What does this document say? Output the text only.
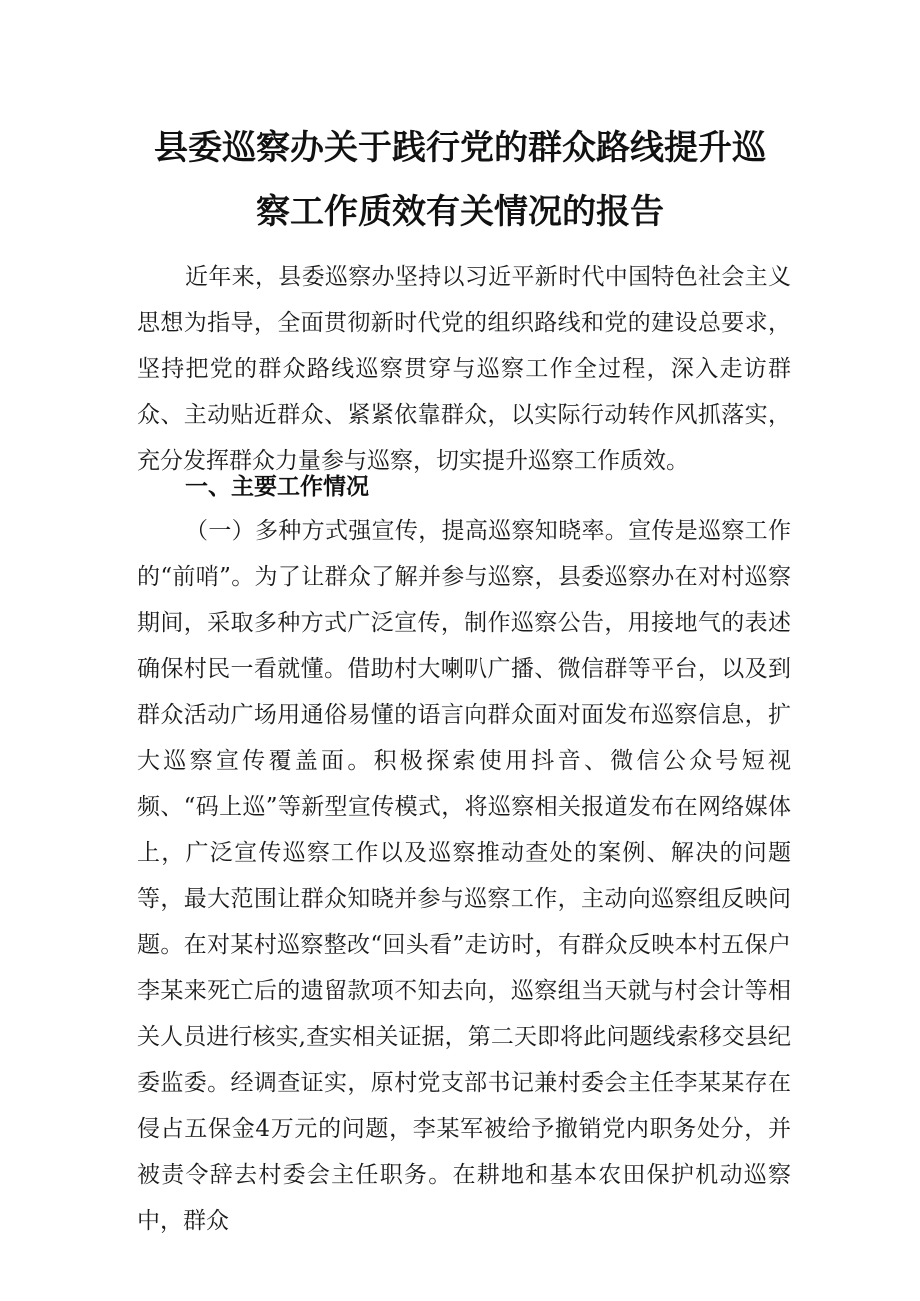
县委巡察办关于践行党的群众路线提升巡
察工作质效有关情况的报告
近年来，县委巡察办坚持以习近平新时代中国特色社会主义思想为指导，全面贯彻新时代党的组织路线和党的建设总要求，坚持把党的群众路线巡察贯穿与巡察工作全过程，深入走访群众、主动贴近群众、紧紧依靠群众，以实际行动转作风抓落实，充分发挥群众力量参与巡察，切实提升巡察工作质效。
一、主要工作情况
（一）多种方式强宣传，提高巡察知晓率。宣传是巡察工作的“前哨”。为了让群众了解并参与巡察，县委巡察办在对村巡察期间，采取多种方式广泛宣传，制作巡察公告，用接地气的表述确保村民一看就懂。借助村大喇叭广播、微信群等平台，以及到群众活动广场用通俗易懂的语言向群众面对面发布巡察信息，扩大巡察宣传覆盖面。积极探索使用抖音、微信公众号短视频、“码上巡”等新型宣传模式，将巡察相关报道发布在网络媒体上，广泛宣传巡察工作以及巡察推动查处的案例、解决的问题等，最大范围让群众知晓并参与巡察工作，主动向巡察组反映问题。在对某村巡察整改“回头看”走访时，有群众反映本村五保户李某来死亡后的遗留款项不知去向，巡察组当天就与村会计等相关人员进行核实,查实相关证据，第二天即将此问题线索移交县纪委监委。经调查证实，原村党支部书记兼村委会主任李某某存在侵占五保金4万元的问题，李某军被给予撤销党内职务处分，并被责令辞去村委会主任职务。在耕地和基本农田保护机动巡察中，群众
